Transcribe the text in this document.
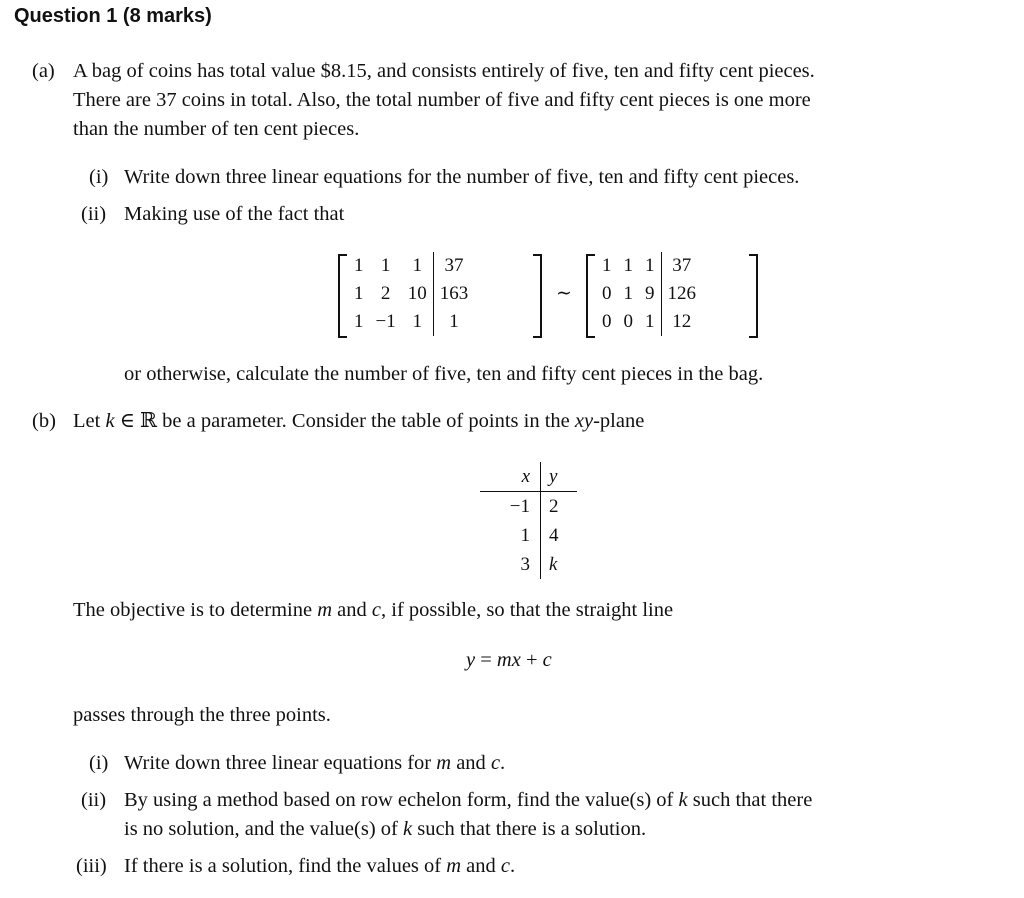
Question 1 (8 marks)
(a) A bag of coins has total value $8.15, and consists entirely of five, ten and fifty cent pieces.
There are 37 coins in total. Also, the total number of five and fifty cent pieces is one more
than the number of ten cent pieces.
(i) Write down three linear equations for the number of five, ten and fifty cent pieces.
(ii) Making use of the fact that
1	1	1	37
1	2	10	163
1	−1	1	1
∼
1	1	1	37
0	1	9	126
0	0	1	12
or otherwise, calculate the number of five, ten and fifty cent pieces in the bag.
(b) Let k ∈ ℝ be a parameter. Consider the table of points in the xy-plane
x	y
−1	2
1	4
3	k
The objective is to determine m and c, if possible, so that the straight line
y = mx + c
passes through the three points.
(i) Write down three linear equations for m and c.
(ii) By using a method based on row echelon form, find the value(s) of k such that there
is no solution, and the value(s) of k such that there is a solution.
(iii) If there is a solution, find the values of m and c.
